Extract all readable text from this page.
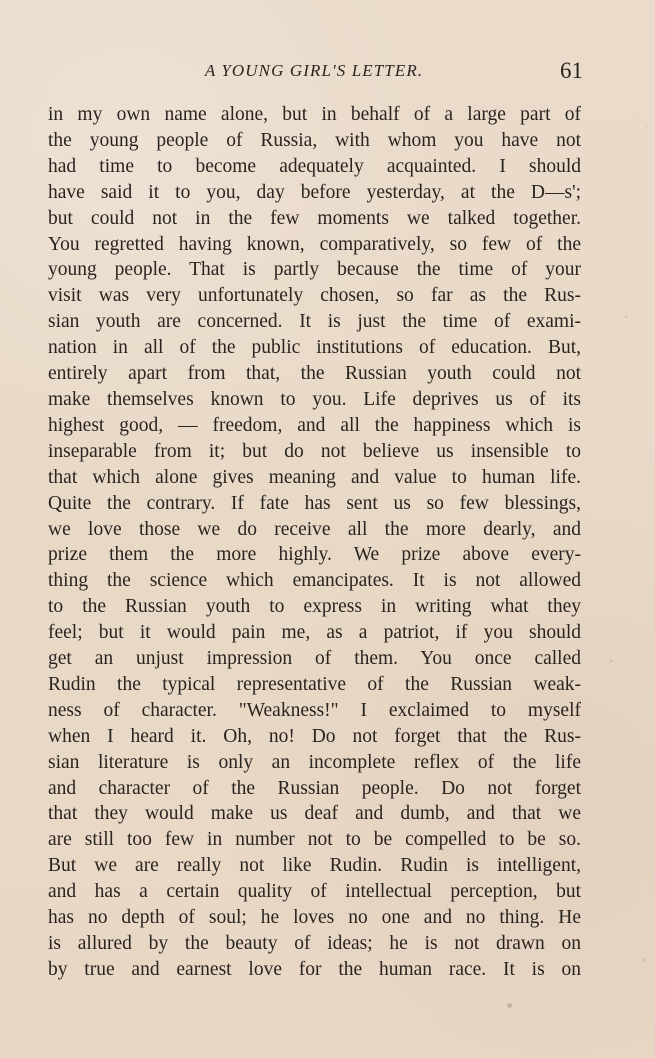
A YOUNG GIRL'S LETTER.	61
in my own name alone, but in behalf of a large part of
the young people of Russia, with whom you have not
had time to become adequately acquainted. I should
have said it to you, day before yesterday, at the D—s';
but could not in the few moments we talked together.
You regretted having known, comparatively, so few of the
young people. That is partly because the time of your
visit was very unfortunately chosen, so far as the Rus-
sian youth are concerned. It is just the time of exami-
nation in all of the public institutions of education. But,
entirely apart from that, the Russian youth could not
make themselves known to you. Life deprives us of its
highest good, — freedom, and all the happiness which is
inseparable from it; but do not believe us insensible to
that which alone gives meaning and value to human life.
Quite the contrary. If fate has sent us so few blessings,
we love those we do receive all the more dearly, and
prize them the more highly. We prize above every-
thing the science which emancipates. It is not allowed
to the Russian youth to express in writing what they
feel; but it would pain me, as a patriot, if you should
get an unjust impression of them. You once called
Rudin the typical representative of the Russian weak-
ness of character. "Weakness!" I exclaimed to myself
when I heard it. Oh, no! Do not forget that the Rus-
sian literature is only an incomplete reflex of the life
and character of the Russian people. Do not forget
that they would make us deaf and dumb, and that we
are still too few in number not to be compelled to be so.
But we are really not like Rudin. Rudin is intelligent,
and has a certain quality of intellectual perception, but
has no depth of soul; he loves no one and no thing. He
is allured by the beauty of ideas; he is not drawn on
by true and earnest love for the human race. It is on
